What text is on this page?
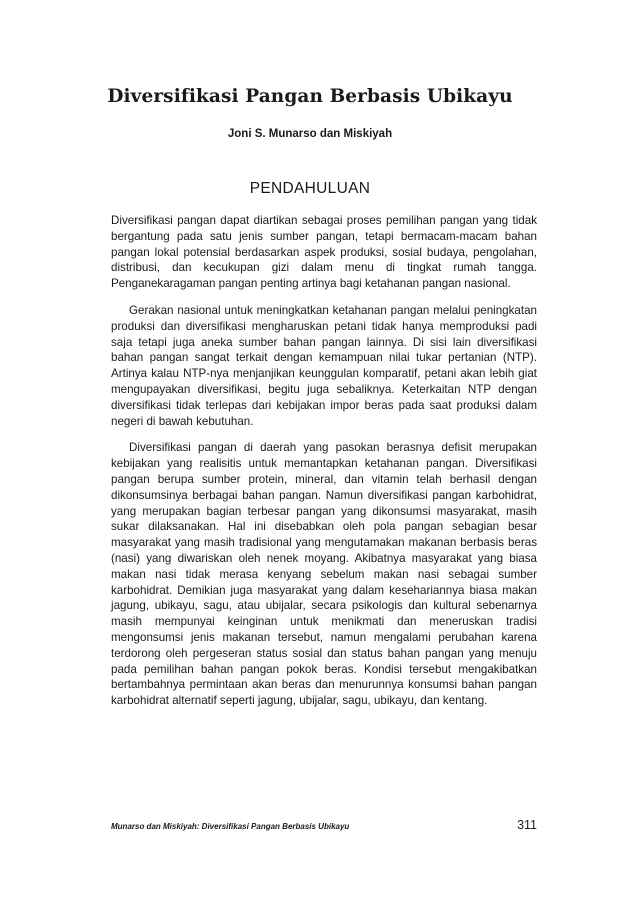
Diversifikasi Pangan Berbasis Ubikayu
Joni S. Munarso dan Miskiyah
PENDAHULUAN

Diversifikasi pangan dapat diartikan sebagai proses pemilihan pangan yang tidak bergantung pada satu jenis sumber pangan, tetapi bermacam-macam bahan pangan lokal potensial berdasarkan aspek produksi, sosial budaya, pengolahan, distribusi, dan kecukupan gizi dalam menu di tingkat rumah tangga. Penganekaragaman pangan penting artinya bagi ketahanan pangan nasional.

Gerakan nasional untuk meningkatkan ketahanan pangan melalui peningkatan produksi dan diversifikasi mengharuskan petani tidak hanya memproduksi padi saja tetapi juga aneka sumber bahan pangan lainnya. Di sisi lain diversifikasi bahan pangan sangat terkait dengan kemampuan nilai tukar pertanian (NTP). Artinya kalau NTP-nya menjanjikan keunggulan komparatif, petani akan lebih giat mengupayakan diversifikasi, begitu juga sebaliknya. Keterkaitan NTP dengan diversifikasi tidak terlepas dari kebijakan impor beras pada saat produksi dalam negeri di bawah kebutuhan.

Diversifikasi pangan di daerah yang pasokan berasnya defisit merupakan kebijakan yang realisitis untuk memantapkan ketahanan pangan. Diversifikasi pangan berupa sumber protein, mineral, dan vitamin telah berhasil dengan dikonsumsinya berbagai bahan pangan. Namun diversifikasi pangan karbohidrat, yang merupakan bagian terbesar pangan yang dikonsumsi masyarakat, masih sukar dilaksanakan. Hal ini disebabkan oleh pola pangan sebagian besar masyarakat yang masih tradisional yang mengutamakan makanan berbasis beras (nasi) yang diwariskan oleh nenek moyang. Akibatnya masyarakat yang biasa makan nasi tidak merasa kenyang sebelum makan nasi sebagai sumber karbohidrat. Demikian juga masyarakat yang dalam kesehariannya biasa makan jagung, ubikayu, sagu, atau ubijalar, secara psikologis dan kultural sebenarnya masih mempunyai keinginan untuk menikmati dan meneruskan tradisi mengonsumsi jenis makanan tersebut, namun mengalami perubahan karena terdorong oleh pergeseran status sosial dan status bahan pangan yang menuju pada pemilihan bahan pangan pokok beras. Kondisi tersebut mengakibatkan bertambahnya permintaan akan beras dan menurunnya konsumsi bahan pangan karbohidrat alternatif seperti jagung, ubijalar, sagu, ubikayu, dan kentang.

Munarso dan Miskiyah: Diversifikasi Pangan Berbasis Ubikayu	311
